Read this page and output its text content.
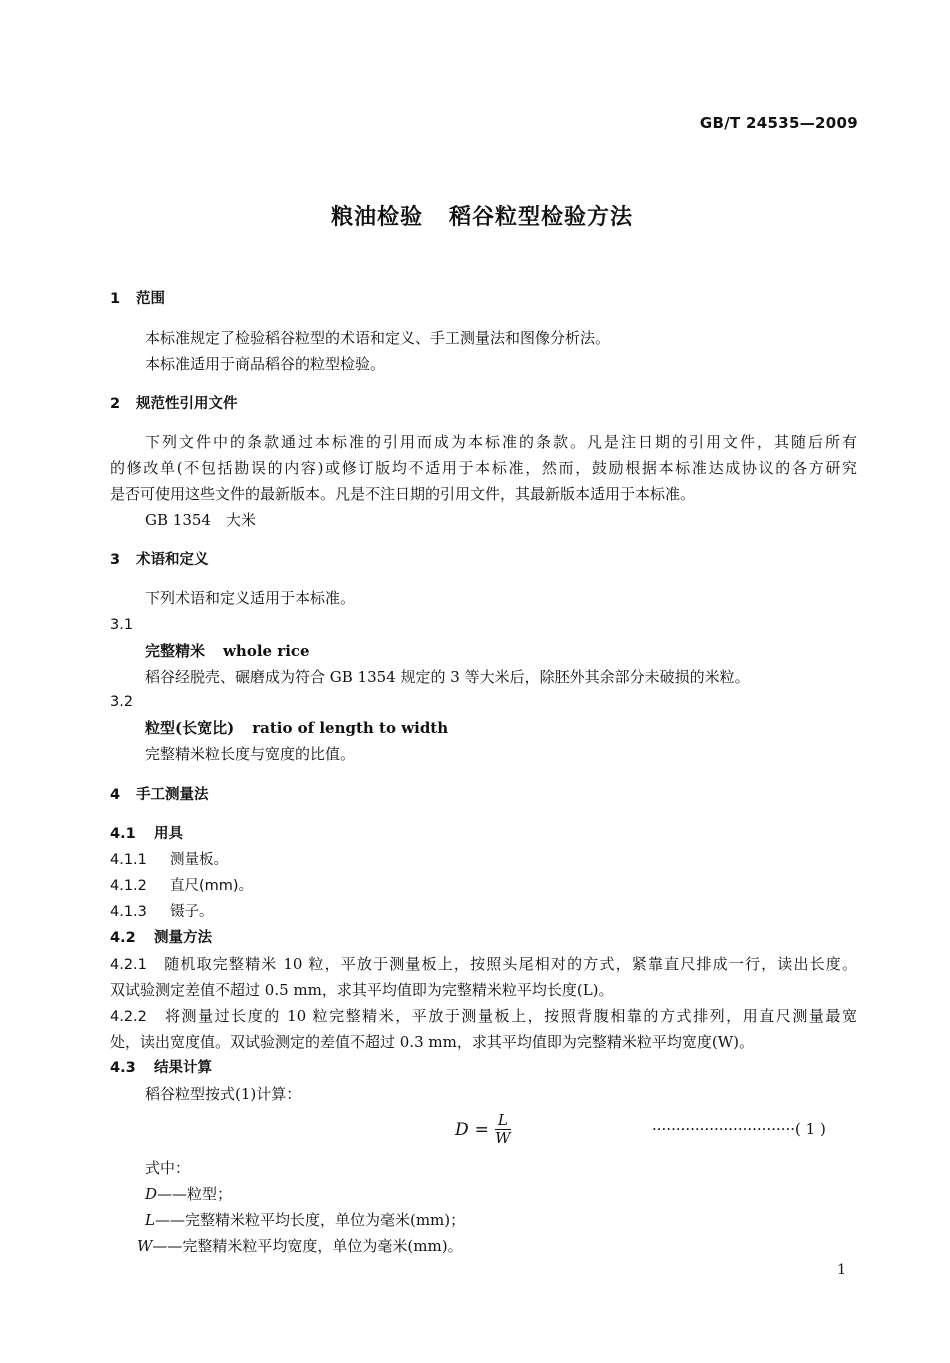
GB/T 24535—2009
粮油检验 稻谷粒型检验方法
1 范围
本标准规定了检验稻谷粒型的术语和定义、手工测量法和图像分析法。
本标准适用于商品稻谷的粒型检验。
2 规范性引用文件
下列文件中的条款通过本标准的引用而成为本标准的条款。凡是注日期的引用文件，其随后所有
的修改单(不包括勘误的内容)或修订版均不适用于本标准，然而，鼓励根据本标准达成协议的各方研究
是否可使用这些文件的最新版本。凡是不注日期的引用文件，其最新版本适用于本标准。
GB 1354　大米
3 术语和定义
下列术语和定义适用于本标准。
3.1
完整精米 whole rice
稻谷经脱壳、碾磨成为符合 GB 1354 规定的 3 等大米后，除胚外其余部分未破损的米粒。
3.2
粒型(长宽比) ratio of length to width
完整精米粒长度与宽度的比值。
4 手工测量法
4.1 用具
4.1.1 测量板。
4.1.2 直尺(mm)。
4.1.3 镊子。
4.2 测量方法
4.2.1　 随机取完整精米 10 粒，平放于测量板上，按照头尾相对的方式，紧靠直尺排成一行，读出长度。
双试验测定差值不超过 0.5 mm，求其平均值即为完整精米粒平均长度(L)。
4.2.2　 将测量过长度的 10 粒完整精米，平放于测量板上，按照背腹相靠的方式排列，用直尺测量最宽
处，读出宽度值。双试验测定的差值不超过 0.3 mm，求其平均值即为完整精米粒平均宽度(W)。
4.3 结果计算
稻谷粒型按式(1)计算：
$D = \frac{L}{W}$	······························( 1 )
式中：
D——粒型；
L——完整精米粒平均长度，单位为毫米(mm)；
W——完整精米粒平均宽度，单位为毫米(mm)。
1
